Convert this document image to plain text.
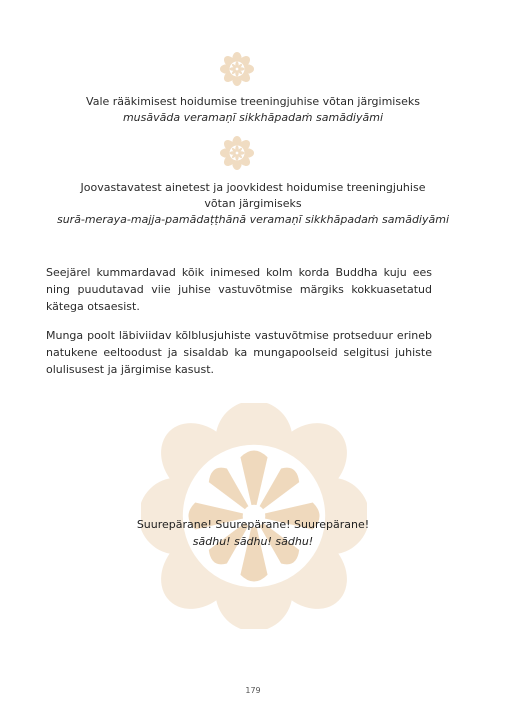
Vale rääkimisest hoidumise treeningjuhise võtan järgimiseks
musāvāda veramaṇī sikkhāpadaṁ samādiyāmi
Joovastavatest ainetest ja joovkidest hoidumise treeningjuhise
võtan järgimiseks
surā-meraya-majja-pamādaṭṭhānā veramaṇī sikkhāpadaṁ samādiyāmi

Seejärel kummardavad kõik inimesed kolm korda Buddha kuju ees ning puudutavad viie juhise vastuvõtmise märgiks kokkuasetatud kätega otsaesist.

Munga poolt läbiviidav kõlblusjuhiste vastuvõtmise protseduur erineb natukene eeltoodust ja sisaldab ka mungapoolseid selgitusi juhiste olulisusest ja järgimise kasust.

Suurepärane! Suurepärane! Suurepärane!
sādhu! sādhu! sādhu!
179
